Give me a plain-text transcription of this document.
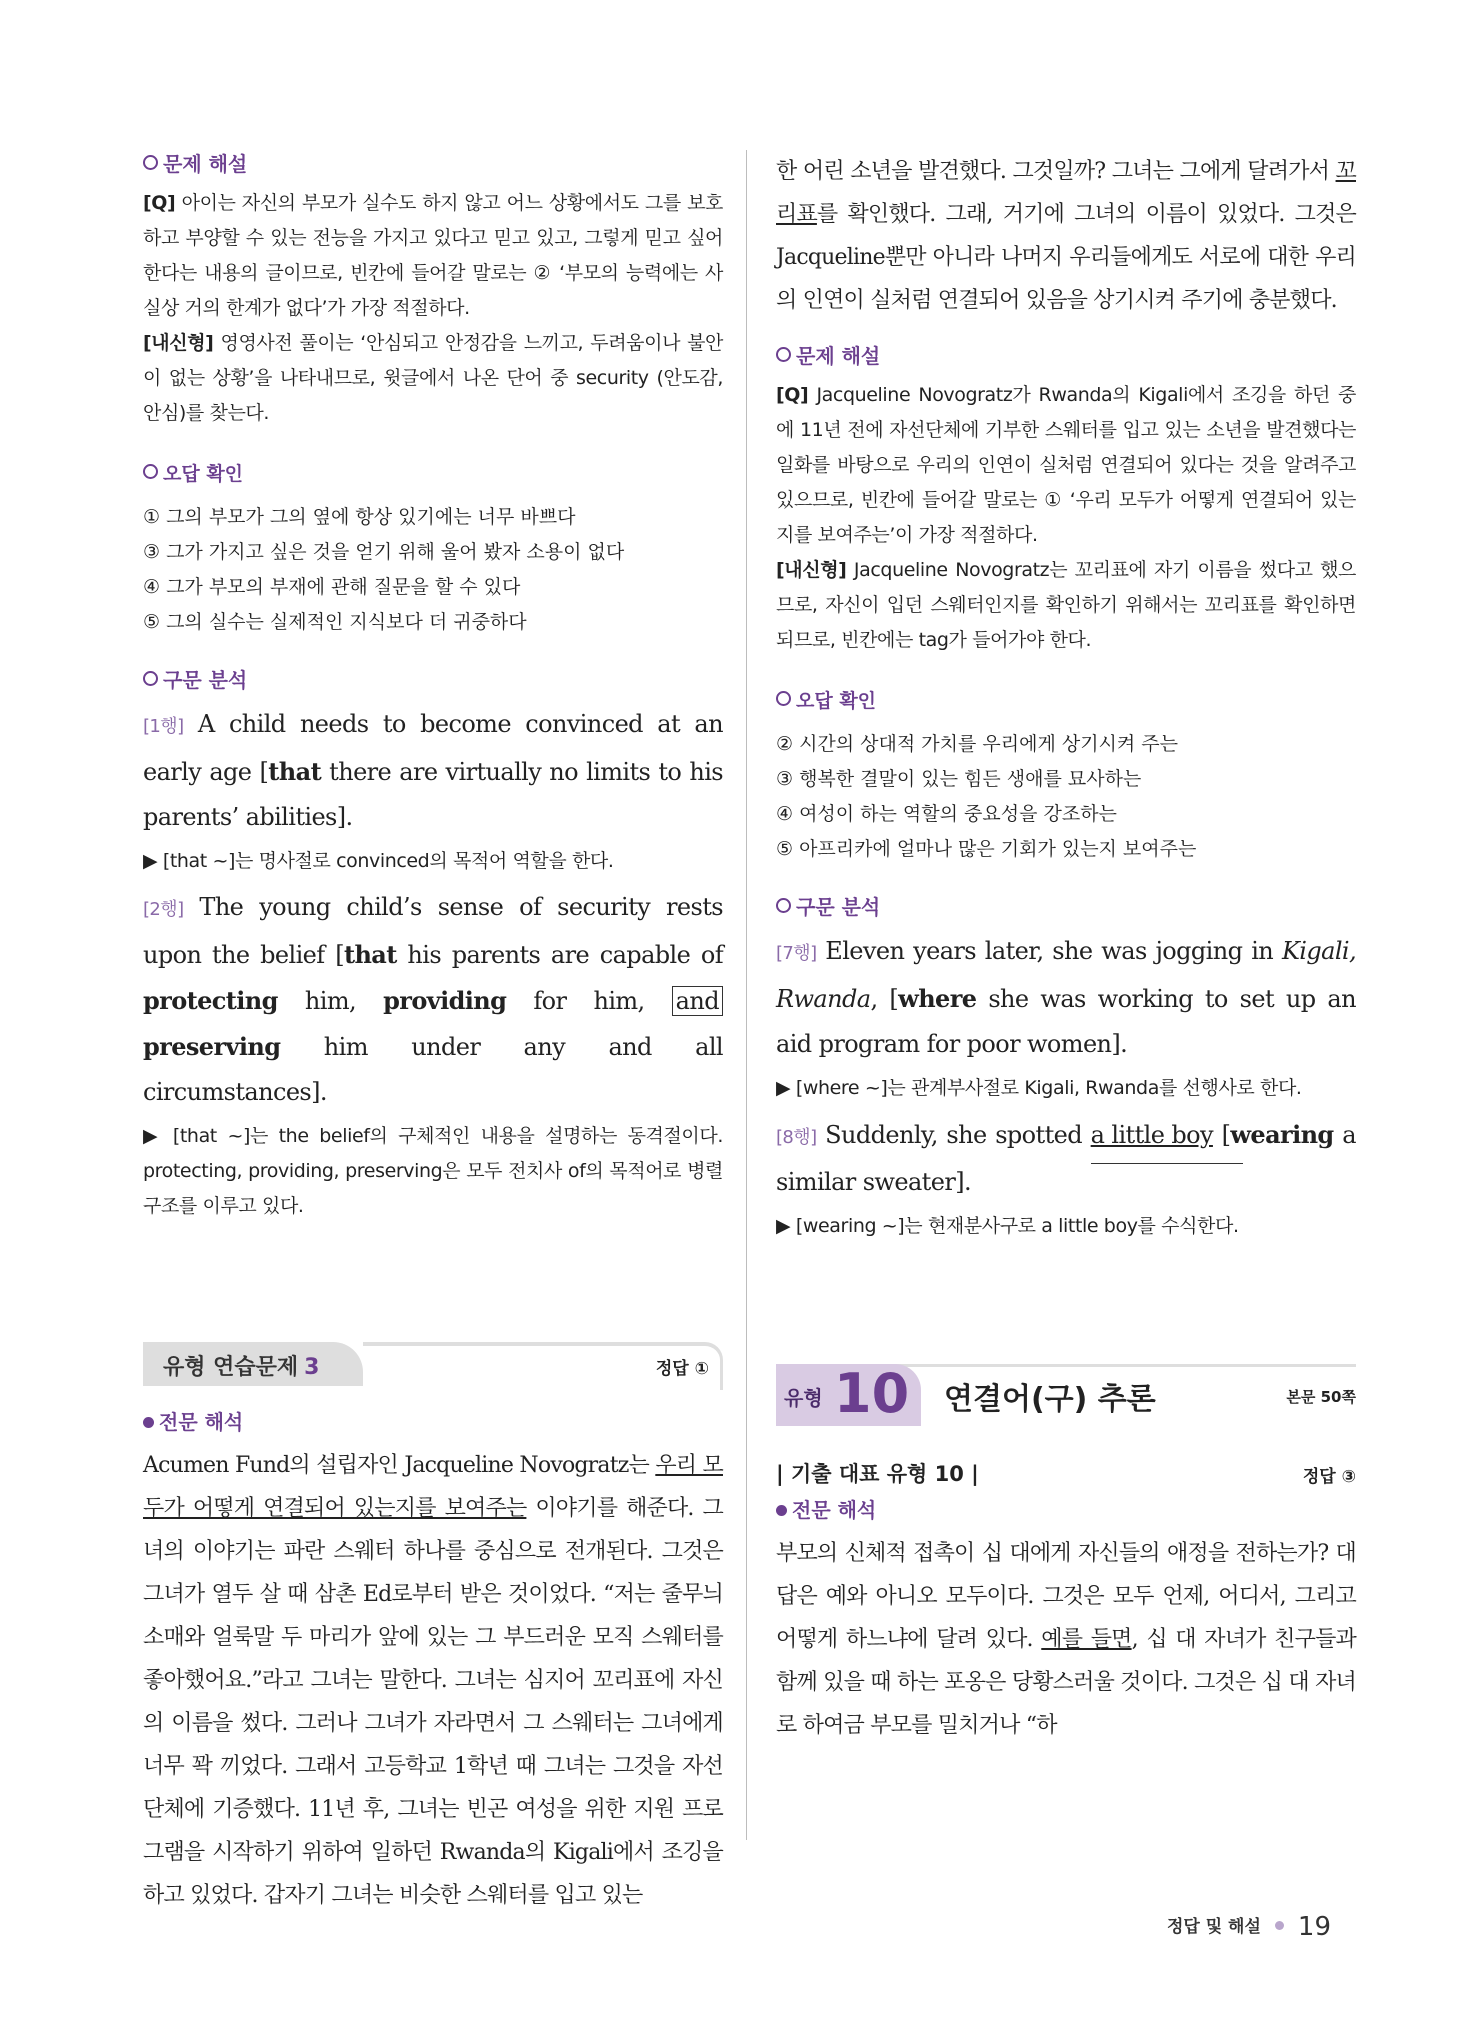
문제 해설

[Q] 아이는 자신의 부모가 실수도 하지 않고 어느 상황에서도 그를 보호하고 부양할 수 있는 전능을 가지고 있다고 믿고 있고, 그렇게 믿고 싶어 한다는 내용의 글이므로, 빈칸에 들어갈 말로는 ② ‘부모의 능력에는 사실상 거의 한계가 없다’가 가장 적절하다.

[내신형] 영영사전 풀이는 ‘안심되고 안정감을 느끼고, 두려움이나 불안이 없는 상황’을 나타내므로, 윗글에서 나온 단어 중 security (안도감, 안심)를 찾는다.

오답 확인
① 그의 부모가 그의 옆에 항상 있기에는 너무 바쁘다
③ 그가 가지고 싶은 것을 얻기 위해 울어 봤자 소용이 없다
④ 그가 부모의 부재에 관해 질문을 할 수 있다
⑤ 그의 실수는 실제적인 지식보다 더 귀중하다
구문 분석

[1행] A child needs to become convinced at an early age [that there are virtually no limits to his parents’ abilities].

▶ [that ~]는 명사절로 convinced의 목적어 역할을 한다.

[2행] The young child’s sense of security rests upon the belief [that his parents are capable of protecting him, providing for him, and preserving him under any and all circumstances].

▶ [that ~]는 the belief의 구체적인 내용을 설명하는 동격절이다. protecting, providing, preserving은 모두 전치사 of의 목적어로 병렬구조를 이루고 있다.

유형 연습문제 3	정답 ①
전문 해석

Acumen Fund의 설립자인 Jacqueline Novogratz는 우리 모두가 어떻게 연결되어 있는지를 보여주는 이야기를 해준다. 그녀의 이야기는 파란 스웨터 하나를 중심으로 전개된다. 그것은 그녀가 열두 살 때 삼촌 Ed로부터 받은 것이었다. “저는 줄무늬 소매와 얼룩말 두 마리가 앞에 있는 그 부드러운 모직 스웨터를 좋아했어요.”라고 그녀는 말한다. 그녀는 심지어 꼬리표에 자신의 이름을 썼다. 그러나 그녀가 자라면서 그 스웨터는 그녀에게 너무 꽉 끼었다. 그래서 고등학교 1학년 때 그녀는 그것을 자선단체에 기증했다. 11년 후, 그녀는 빈곤 여성을 위한 지원 프로그램을 시작하기 위하여 일하던 Rwanda의 Kigali에서 조깅을 하고 있었다. 갑자기 그녀는 비슷한 스웨터를 입고 있는

한 어린 소년을 발견했다. 그것일까? 그녀는 그에게 달려가서 꼬리표를 확인했다. 그래, 거기에 그녀의 이름이 있었다. 그것은 Jacqueline뿐만 아니라 나머지 우리들에게도 서로에 대한 우리의 인연이 실처럼 연결되어 있음을 상기시켜 주기에 충분했다.

문제 해설

[Q] Jacqueline Novogratz가 Rwanda의 Kigali에서 조깅을 하던 중에 11년 전에 자선단체에 기부한 스웨터를 입고 있는 소년을 발견했다는 일화를 바탕으로 우리의 인연이 실처럼 연결되어 있다는 것을 알려주고 있으므로, 빈칸에 들어갈 말로는 ① ‘우리 모두가 어떻게 연결되어 있는지를 보여주는’이 가장 적절하다.

[내신형] Jacqueline Novogratz는 꼬리표에 자기 이름을 썼다고 했으므로, 자신이 입던 스웨터인지를 확인하기 위해서는 꼬리표를 확인하면 되므로, 빈칸에는 tag가 들어가야 한다.

오답 확인
② 시간의 상대적 가치를 우리에게 상기시켜 주는
③ 행복한 결말이 있는 힘든 생애를 묘사하는
④ 여성이 하는 역할의 중요성을 강조하는
⑤ 아프리카에 얼마나 많은 기회가 있는지 보여주는
구문 분석

[7행] Eleven years later, she was jogging in Kigali, Rwanda, [where she was working to set up an aid program for poor women].

▶ [where ~]는 관계부사절로 Kigali, Rwanda를 선행사로 한다.

[8행] Suddenly, she spotted a little boy
[wearing a similar sweater].

▶ [wearing ~]는 현재분사구로 a little boy를 수식한다.

유형 10 연결어(구) 추론	본문 50쪽
| 기출 대표 유형 10 |	정답 ③
전문 해석

부모의 신체적 접촉이 십 대에게 자신들의 애정을 전하는가? 대답은 예와 아니오 모두이다. 그것은 모두 언제, 어디서, 그리고 어떻게 하느냐에 달려 있다. 예를 들면, 십 대 자녀가 친구들과 함께 있을 때 하는 포옹은 당황스러울 것이다. 그것은 십 대 자녀로 하여금 부모를 밀치거나 “하

정답 및 해설 19
